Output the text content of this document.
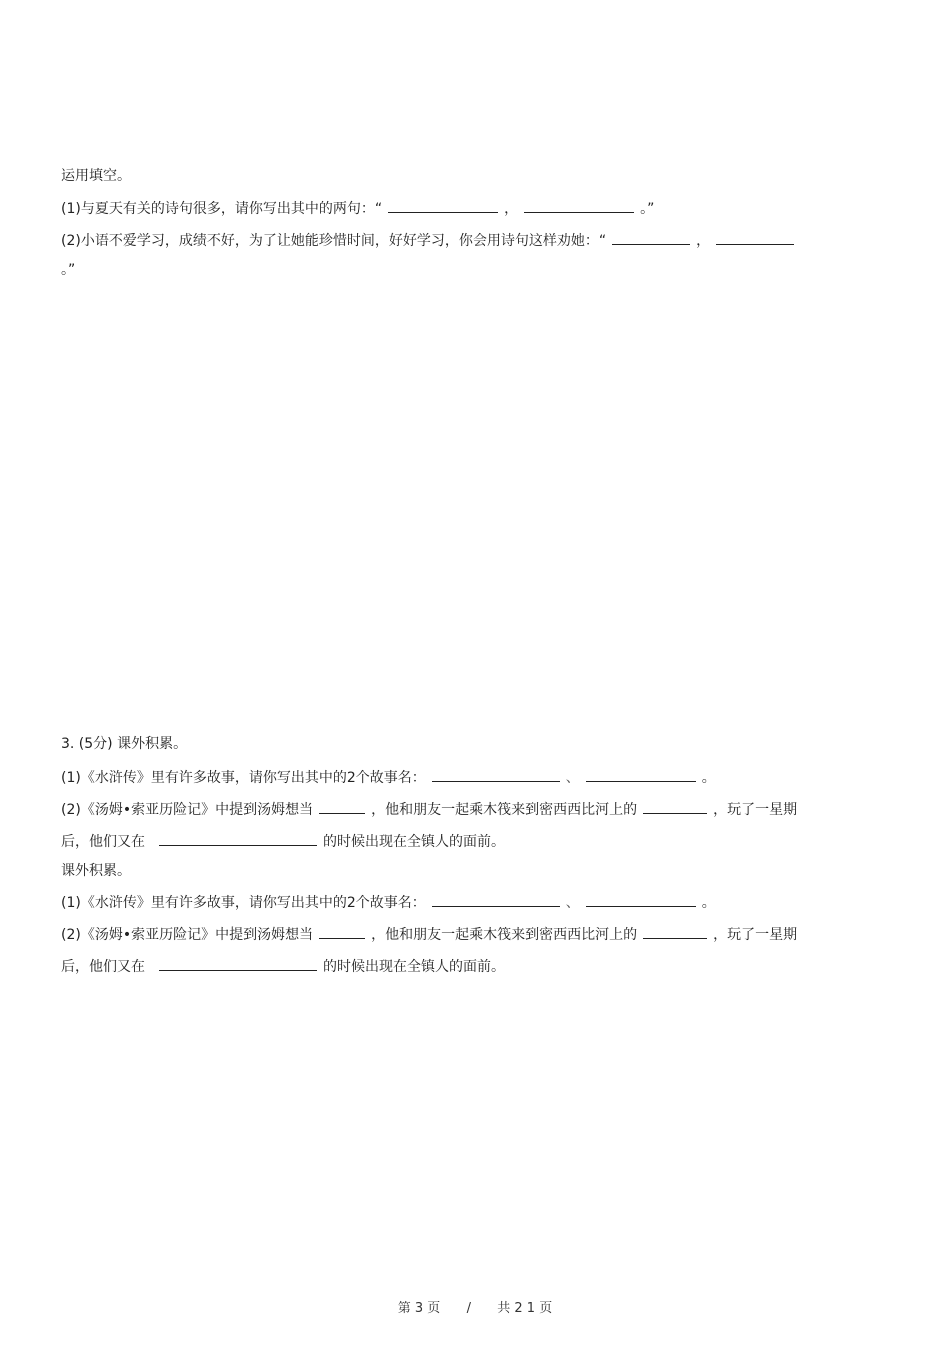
运用填空。
(1)与夏天有关的诗句很多，请你写出其中的两句：“	，	。”
(2)小语不爱学习，成绩不好，为了让她能珍惜时间，好好学习，你会用诗句这样劝她：“	，
。”
3. (5分) 课外积累。
(1)《水浒传》里有许多故事，请你写出其中的2个故事名：	、	。
(2)《汤姆•索亚历险记》中提到汤姆想当	，他和朋友一起乘木筏来到密西西比河上的	，玩了一星期
后，他们又在	的时候出现在全镇人的面前。
课外积累。
(1)《水浒传》里有许多故事，请你写出其中的2个故事名：	、	。
(2)《汤姆•索亚历险记》中提到汤姆想当	，他和朋友一起乘木筏来到密西西比河上的	，玩了一星期
后，他们又在	的时候出现在全镇人的面前。
第 3 页 / 共 2 1 页
